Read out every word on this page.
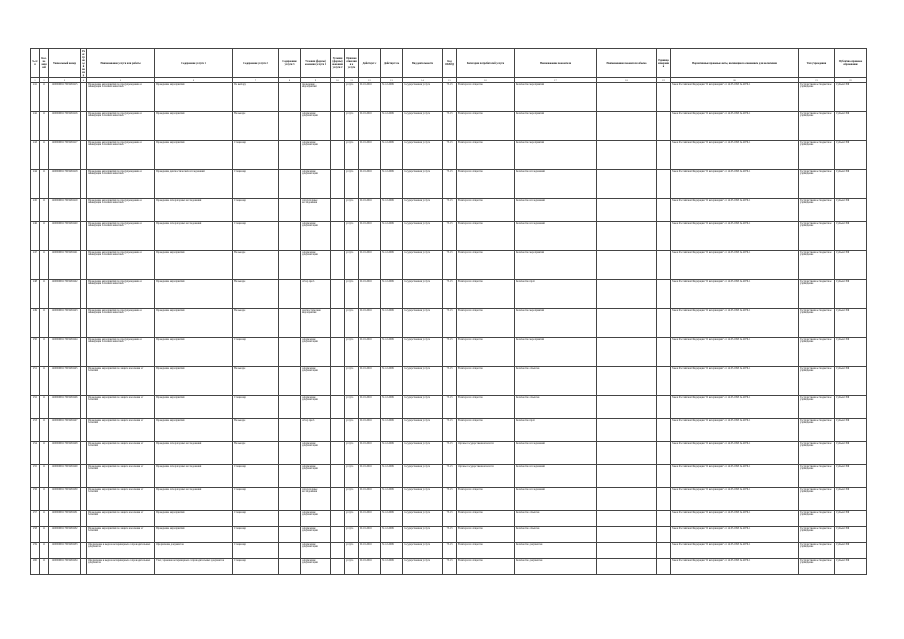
№ п/п	Кол-во записей	Уникальный номер	Реестровый номер	Наименование услуги или работы	Содержание услуги 1	Содержание услуги 2	Содержание услуги 3	Условия (формы) оказания услуги 1	Условия (формы) оказания услуги 2	Признак отнесения к услуге	Действует с	Действует по	Вид деятельности	Код ОКВЭД	Категория потребителей услуги	Наименование показателя	Наименование показателя объема	Единица измерения	Нормативные правовые акты, являющиеся основанием для включения	Тип учреждения	Публично-правовое образование
1	2	3	4	5	6	7	8	9	10	11	12	13	14	15	16	17	18	19	20	21	22
241	11	12000000117003450415		Проведение мероприятий по предупреждению и ликвидации болезней животных	Проведение мероприятий	По выбору		проведение мероприятий		услуга	01.01.2016	31.12.2099	государственная услуга	75.13	В интересах общества	Количество мероприятий			Закон Российской Федерации "О ветеринарии" от 14.05.1993 № 4979-1	Государственное бюджетное учреждение	Субъект РФ
242	11	12000000117003450416		Проведение мероприятий по предупреждению и ликвидации болезней животных	Проведение мероприятий	На выезде		оформление документации		услуга	01.01.2016	31.12.2099	государственная услуга	75.13	В интересах общества	Количество мероприятий			Закон Российской Федерации "О ветеринарии" от 14.05.1993 № 4979-1	Государственное бюджетное учреждение	Субъект РФ
243	11	12000000117003450417		Проведение мероприятий по предупреждению и ликвидации болезней животных	Проведение мероприятий	Стационар		оформление документации		услуга	01.01.2016	31.12.2099	государственная услуга	75.13	В интересах общества	Количество мероприятий			Закон Российской Федерации "О ветеринарии" от 14.05.1993 № 4979-1	Государственное бюджетное учреждение	Субъект РФ
244	11	12000000117003450418		Проведение мероприятий по предупреждению и ликвидации болезней животных	Проведение диагностических исследований	Стационар		оформление документации		услуга	01.01.2016	31.12.2099	государственная услуга	75.13	В интересах общества	Количество исследований			Закон Российской Федерации "О ветеринарии" от 14.05.1993 № 4979-1	Государственное бюджетное учреждение	Субъект РФ
245	11	12000000117003450419		Проведение мероприятий по предупреждению и ликвидации болезней животных	Проведение лабораторных исследований	Стационар		лабораторные исследования		услуга	01.01.2016	31.12.2099	государственная услуга	75.13	В интересах общества	Количество исследований			Закон Российской Федерации "О ветеринарии" от 14.05.1993 № 4979-1	Государственное бюджетное учреждение	Субъект РФ
246	11	12000000117003450420		Проведение мероприятий по предупреждению и ликвидации болезней животных	Проведение лабораторных исследований	Стационар		оформление документации		услуга	01.01.2016	31.12.2099	государственная услуга	75.13	В интересах общества	Количество исследований			Закон Российской Федерации "О ветеринарии" от 14.05.1993 № 4979-1	Государственное бюджетное учреждение	Субъект РФ
247	11	12000000117003450421		Проведение мероприятий по предупреждению и ликвидации болезней животных	Проведение мероприятий	На выезде		оформление документации		услуга	01.01.2016	31.12.2099	государственная услуга	75.13	В интересах общества	Количество мероприятий			Закон Российской Федерации "О ветеринарии" от 14.05.1993 № 4979-1	Государственное бюджетное учреждение	Субъект РФ
248	11	12000000117003450422		Проведение мероприятий по предупреждению и ликвидации болезней животных	Проведение мероприятий	На выезде		отбор проб		услуга	01.01.2016	31.12.2099	государственная услуга	75.13	В интересах общества	Количество проб			Закон Российской Федерации "О ветеринарии" от 14.05.1993 № 4979-1	Государственное бюджетное учреждение	Субъект РФ
249	11	12000000117003450423		Проведение мероприятий по предупреждению и ликвидации болезней животных	Проведение мероприятий	На выезде		диагностические мероприятия		услуга	01.01.2016	31.12.2099	государственная услуга	75.13	В интересах общества	Количество мероприятий			Закон Российской Федерации "О ветеринарии" от 14.05.1993 № 4979-1	Государственное бюджетное учреждение	Субъект РФ
250	11	12000000117003450424		Проведение мероприятий по предупреждению и ликвидации болезней животных	Проведение мероприятий	Стационар		оформление документации		услуга	01.01.2016	31.12.2099	государственная услуга	75.13	В интересах общества	Количество мероприятий			Закон Российской Федерации "О ветеринарии" от 14.05.1993 № 4979-1	Государственное бюджетное учреждение	Субъект РФ
251	11	12000000117003450425		Проведение мероприятий по защите населения от болезней	Проведение мероприятий	На выезде		оформление документации		услуга	01.01.2016	31.12.2099	государственная услуга	75.13	В интересах общества	Количество объектов			Закон Российской Федерации "О ветеринарии" от 14.05.1993 № 4979-1	Государственное бюджетное учреждение	Субъект РФ
252	11	12000000117003450426		Проведение мероприятий по защите населения от болезней	Проведение мероприятий	Стационар		оформление документации		услуга	01.01.2016	31.12.2099	государственная услуга	75.13	В интересах общества	Количество объектов			Закон Российской Федерации "О ветеринарии" от 14.05.1993 № 4979-1	Государственное бюджетное учреждение	Субъект РФ
253	11	12000000117003450427		Проведение мероприятий по защите населения от болезней	Проведение мероприятий	На выезде		отбор проб		услуга	01.01.2016	31.12.2099	государственная услуга	75.13	В интересах общества	Количество проб			Закон Российской Федерации "О ветеринарии" от 14.05.1993 № 4979-1	Государственное бюджетное учреждение	Субъект РФ
254	11	12000000117003450428		Проведение мероприятий по защите населения от болезней	Проведение лабораторных исследований	На выезде		оформление документации		услуга	01.01.2016	31.12.2099	государственная услуга	75.13	Органы государственной власти	Количество исследований			Закон Российской Федерации "О ветеринарии" от 14.05.1993 № 4979-1	Государственное бюджетное учреждение	Субъект РФ
255	11	12000000117003450429		Проведение мероприятий по защите населения от болезней	Проведение лабораторных исследований	Стационар		оформление документации		услуга	01.01.2016	31.12.2099	государственная услуга	75.13	Органы государственной власти	Количество исследований			Закон Российской Федерации "О ветеринарии" от 14.05.1993 № 4979-1	Государственное бюджетное учреждение	Субъект РФ
256	11	12000000117003450430		Проведение мероприятий по защите населения от болезней	Проведение лабораторных исследований	Стационар		лабораторные исследования		услуга	01.01.2016	31.12.2099	государственная услуга	75.13	В интересах общества	Количество исследований			Закон Российской Федерации "О ветеринарии" от 14.05.1993 № 4979-1	Государственное бюджетное учреждение	Субъект РФ
257	11	12000000117003450431		Проведение мероприятий по защите населения от болезней	Проведение мероприятий	Стационар		оформление документации		услуга	01.01.2016	31.12.2099	государственная услуга	75.13	В интересах общества	Количество объектов			Закон Российской Федерации "О ветеринарии" от 14.05.1993 № 4979-1	Государственное бюджетное учреждение	Субъект РФ
258	11	12000000117003450432		Проведение мероприятий по защите населения от болезней	Проведение мероприятий	Стационар		оформление документации		услуга	01.01.2016	31.12.2099	государственная услуга	75.13	В интересах общества	Количество объектов			Закон Российской Федерации "О ветеринарии" от 14.05.1993 № 4979-1	Государственное бюджетное учреждение	Субъект РФ
259	11	12000000117003450433		Оформление и выдача ветеринарных сопроводительных документов	Оформление документов	Стационар		оформление документации		услуга	01.01.2016	31.12.2099	государственная услуга	75.13	В интересах общества	Количество документов			Закон Российской Федерации "О ветеринарии" от 14.05.1993 № 4979-1	Государственное бюджетное учреждение	Субъект РФ
260	11	12000000117003450434		Оформление и выдача ветеринарных сопроводительных документов	Учет, хранение ветеринарных сопроводительных документов	Стационар		оформление документации		услуга	01.01.2016	31.12.2099	государственная услуга	75.13	В интересах общества	Количество документов			Закон Российской Федерации "О ветеринарии" от 14.05.1993 № 4979-1	Государственное бюджетное учреждение	Субъект РФ
